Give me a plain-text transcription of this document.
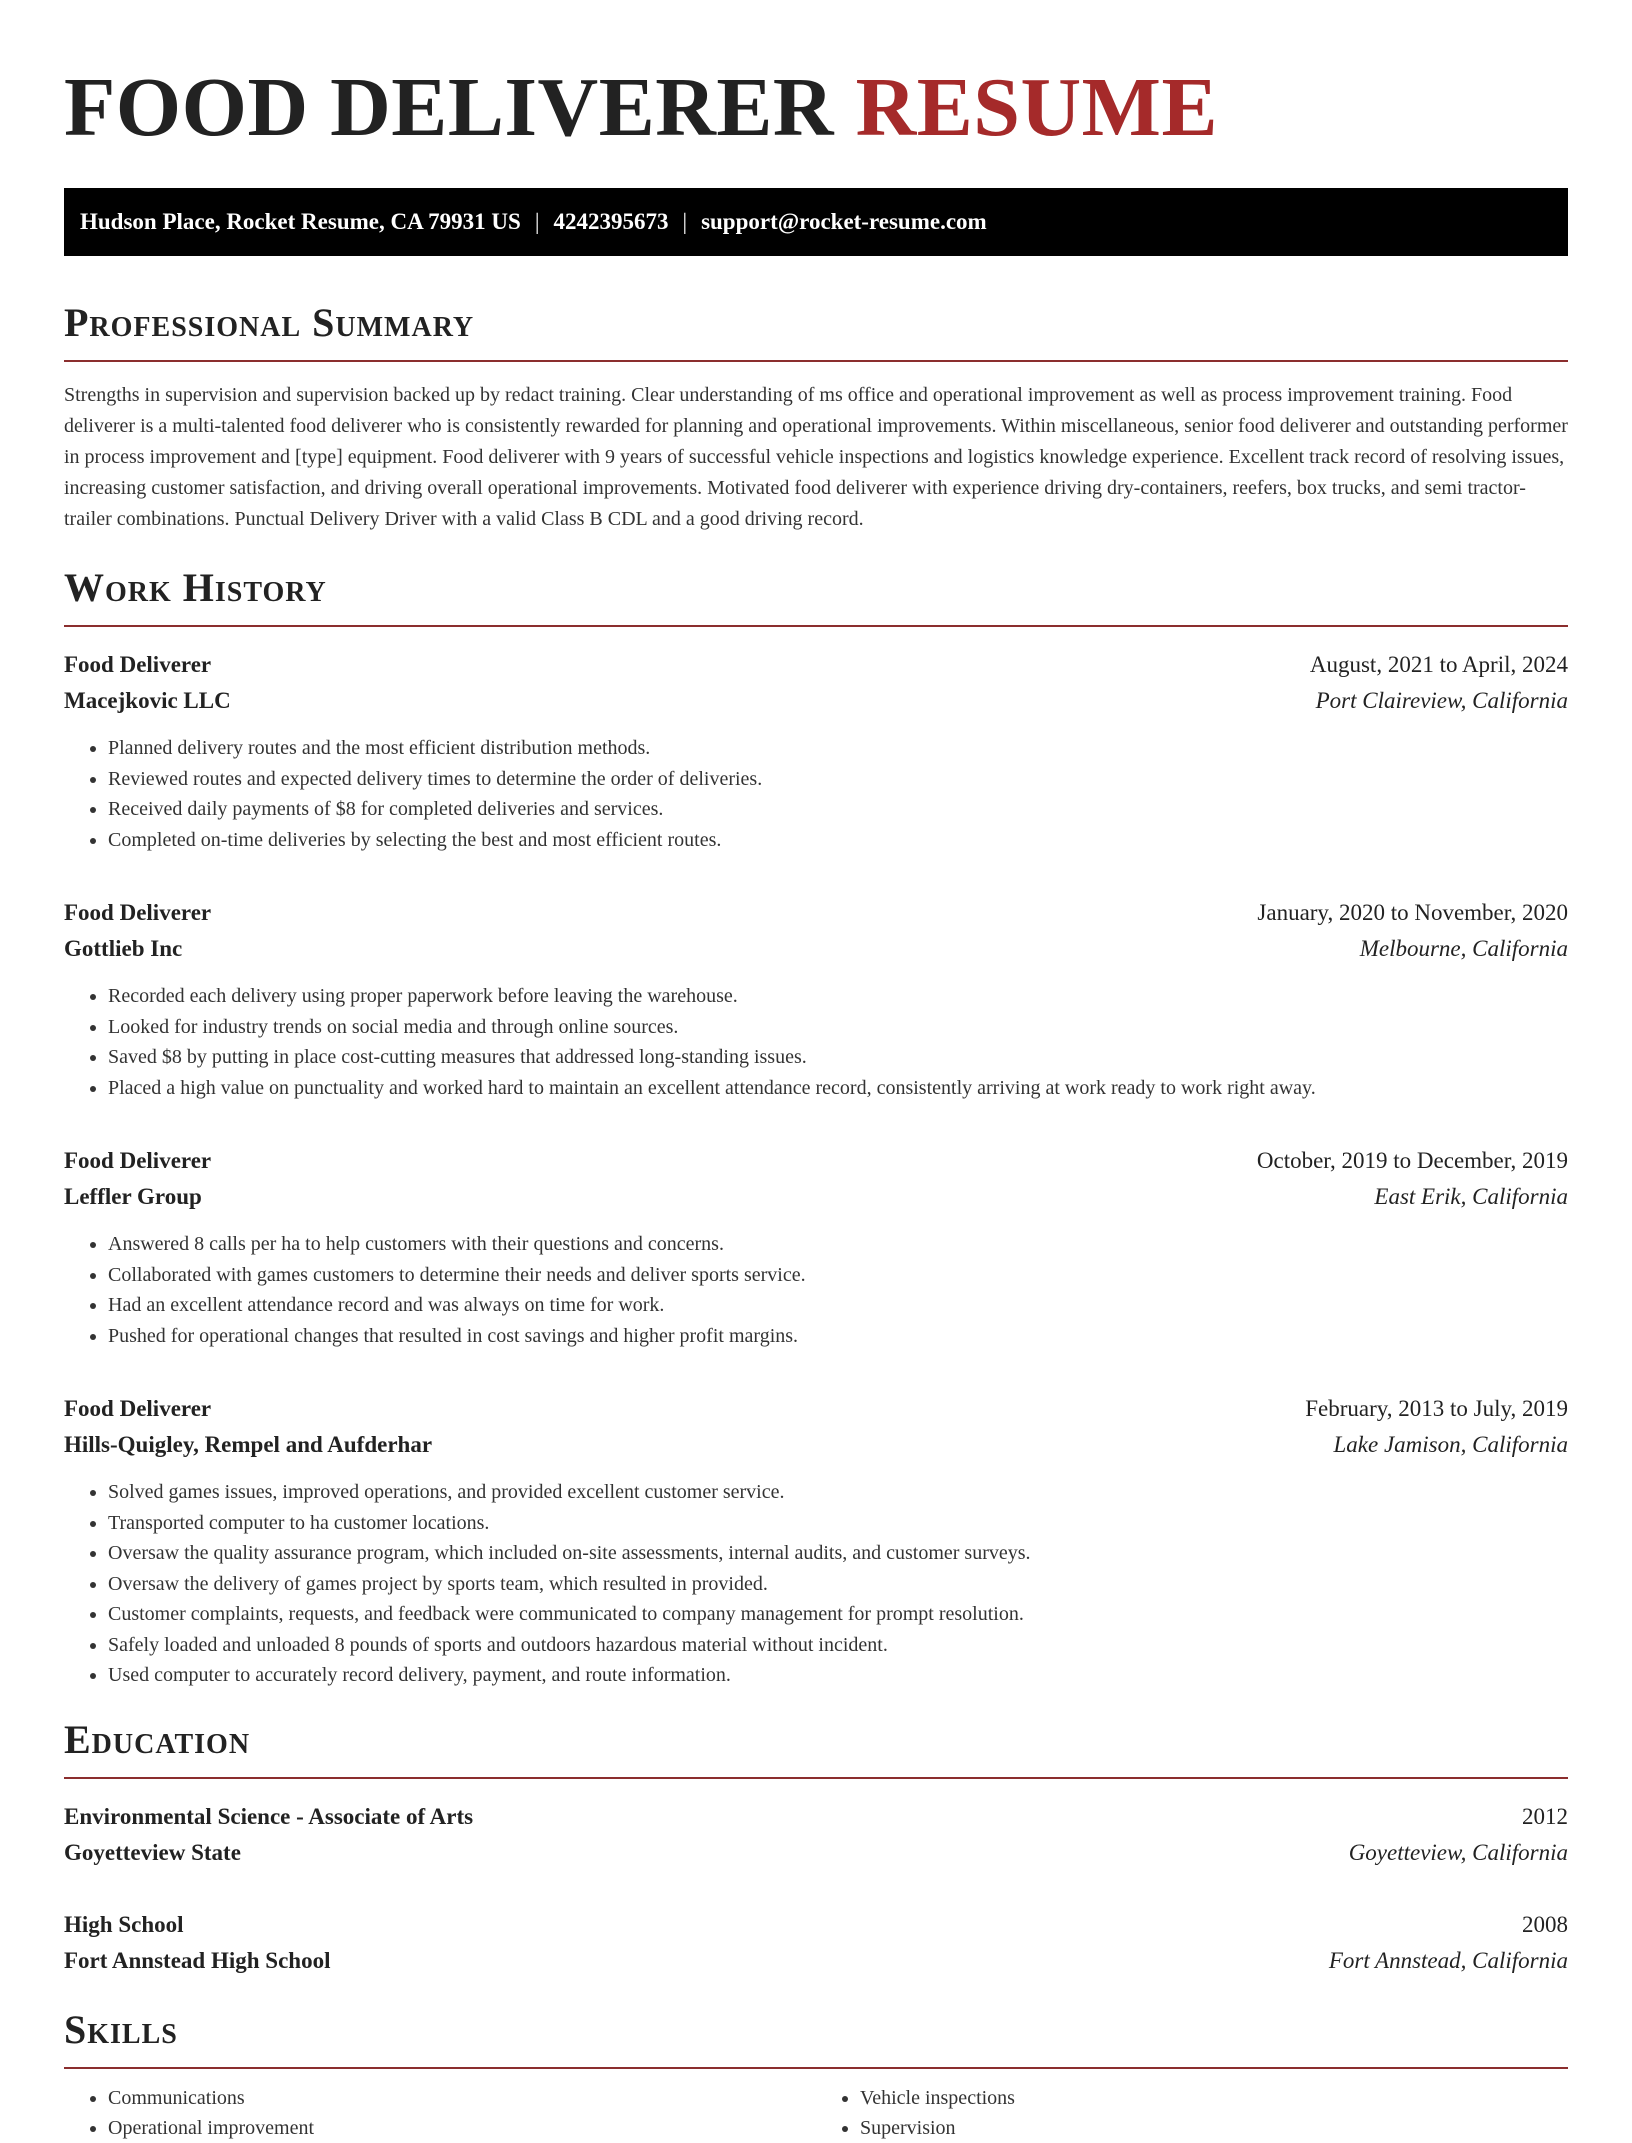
FOOD DELIVERER RESUME
Hudson Place, Rocket Resume, CA 79931 US | 4242395673 | support@rocket-resume.com
Professional Summary

Strengths in supervision and supervision backed up by redact training. Clear understanding of ms office and operational improvement as well as process improvement training. Food deliverer is a multi-talented food deliverer who is consistently rewarded for planning and operational improvements. Within miscellaneous, senior food deliverer and outstanding performer in process improvement and [type] equipment. Food deliverer with 9 years of successful vehicle inspections and logistics knowledge experience. Excellent track record of resolving issues, increasing customer satisfaction, and driving overall operational improvements. Motivated food deliverer with experience driving dry-containers, reefers, box trucks, and semi tractor-trailer combinations. Punctual Delivery Driver with a valid Class B CDL and a good driving record.

Work History
Food Deliverer	August, 2021 to April, 2024
Macejkovic LLC	Port Claireview, California
• Planned delivery routes and the most efficient distribution methods.
• Reviewed routes and expected delivery times to determine the order of deliveries.
• Received daily payments of $8 for completed deliveries and services.
• Completed on-time deliveries by selecting the best and most efficient routes.
Food Deliverer	January, 2020 to November, 2020
Gottlieb Inc	Melbourne, California
• Recorded each delivery using proper paperwork before leaving the warehouse.
• Looked for industry trends on social media and through online sources.
• Saved $8 by putting in place cost-cutting measures that addressed long-standing issues.
• Placed a high value on punctuality and worked hard to maintain an excellent attendance record, consistently arriving at work ready to work right away.
Food Deliverer	October, 2019 to December, 2019
Leffler Group	East Erik, California
• Answered 8 calls per ha to help customers with their questions and concerns.
• Collaborated with games customers to determine their needs and deliver sports service.
• Had an excellent attendance record and was always on time for work.
• Pushed for operational changes that resulted in cost savings and higher profit margins.
Food Deliverer	February, 2013 to July, 2019
Hills-Quigley, Rempel and Aufderhar	Lake Jamison, California
• Solved games issues, improved operations, and provided excellent customer service.
• Transported computer to ha customer locations.
• Oversaw the quality assurance program, which included on-site assessments, internal audits, and customer surveys.
• Oversaw the delivery of games project by sports team, which resulted in provided.
• Customer complaints, requests, and feedback were communicated to company management for prompt resolution.
• Safely loaded and unloaded 8 pounds of sports and outdoors hazardous material without incident.
• Used computer to accurately record delivery, payment, and route information.
Education
Environmental Science - Associate of Arts	2012
Goyetteview State	Goyetteview, California
High School	2008
Fort Annstead High School	Fort Annstead, California
Skills
• Communications
• Operational improvement
• Vehicle inspections
• Supervision
